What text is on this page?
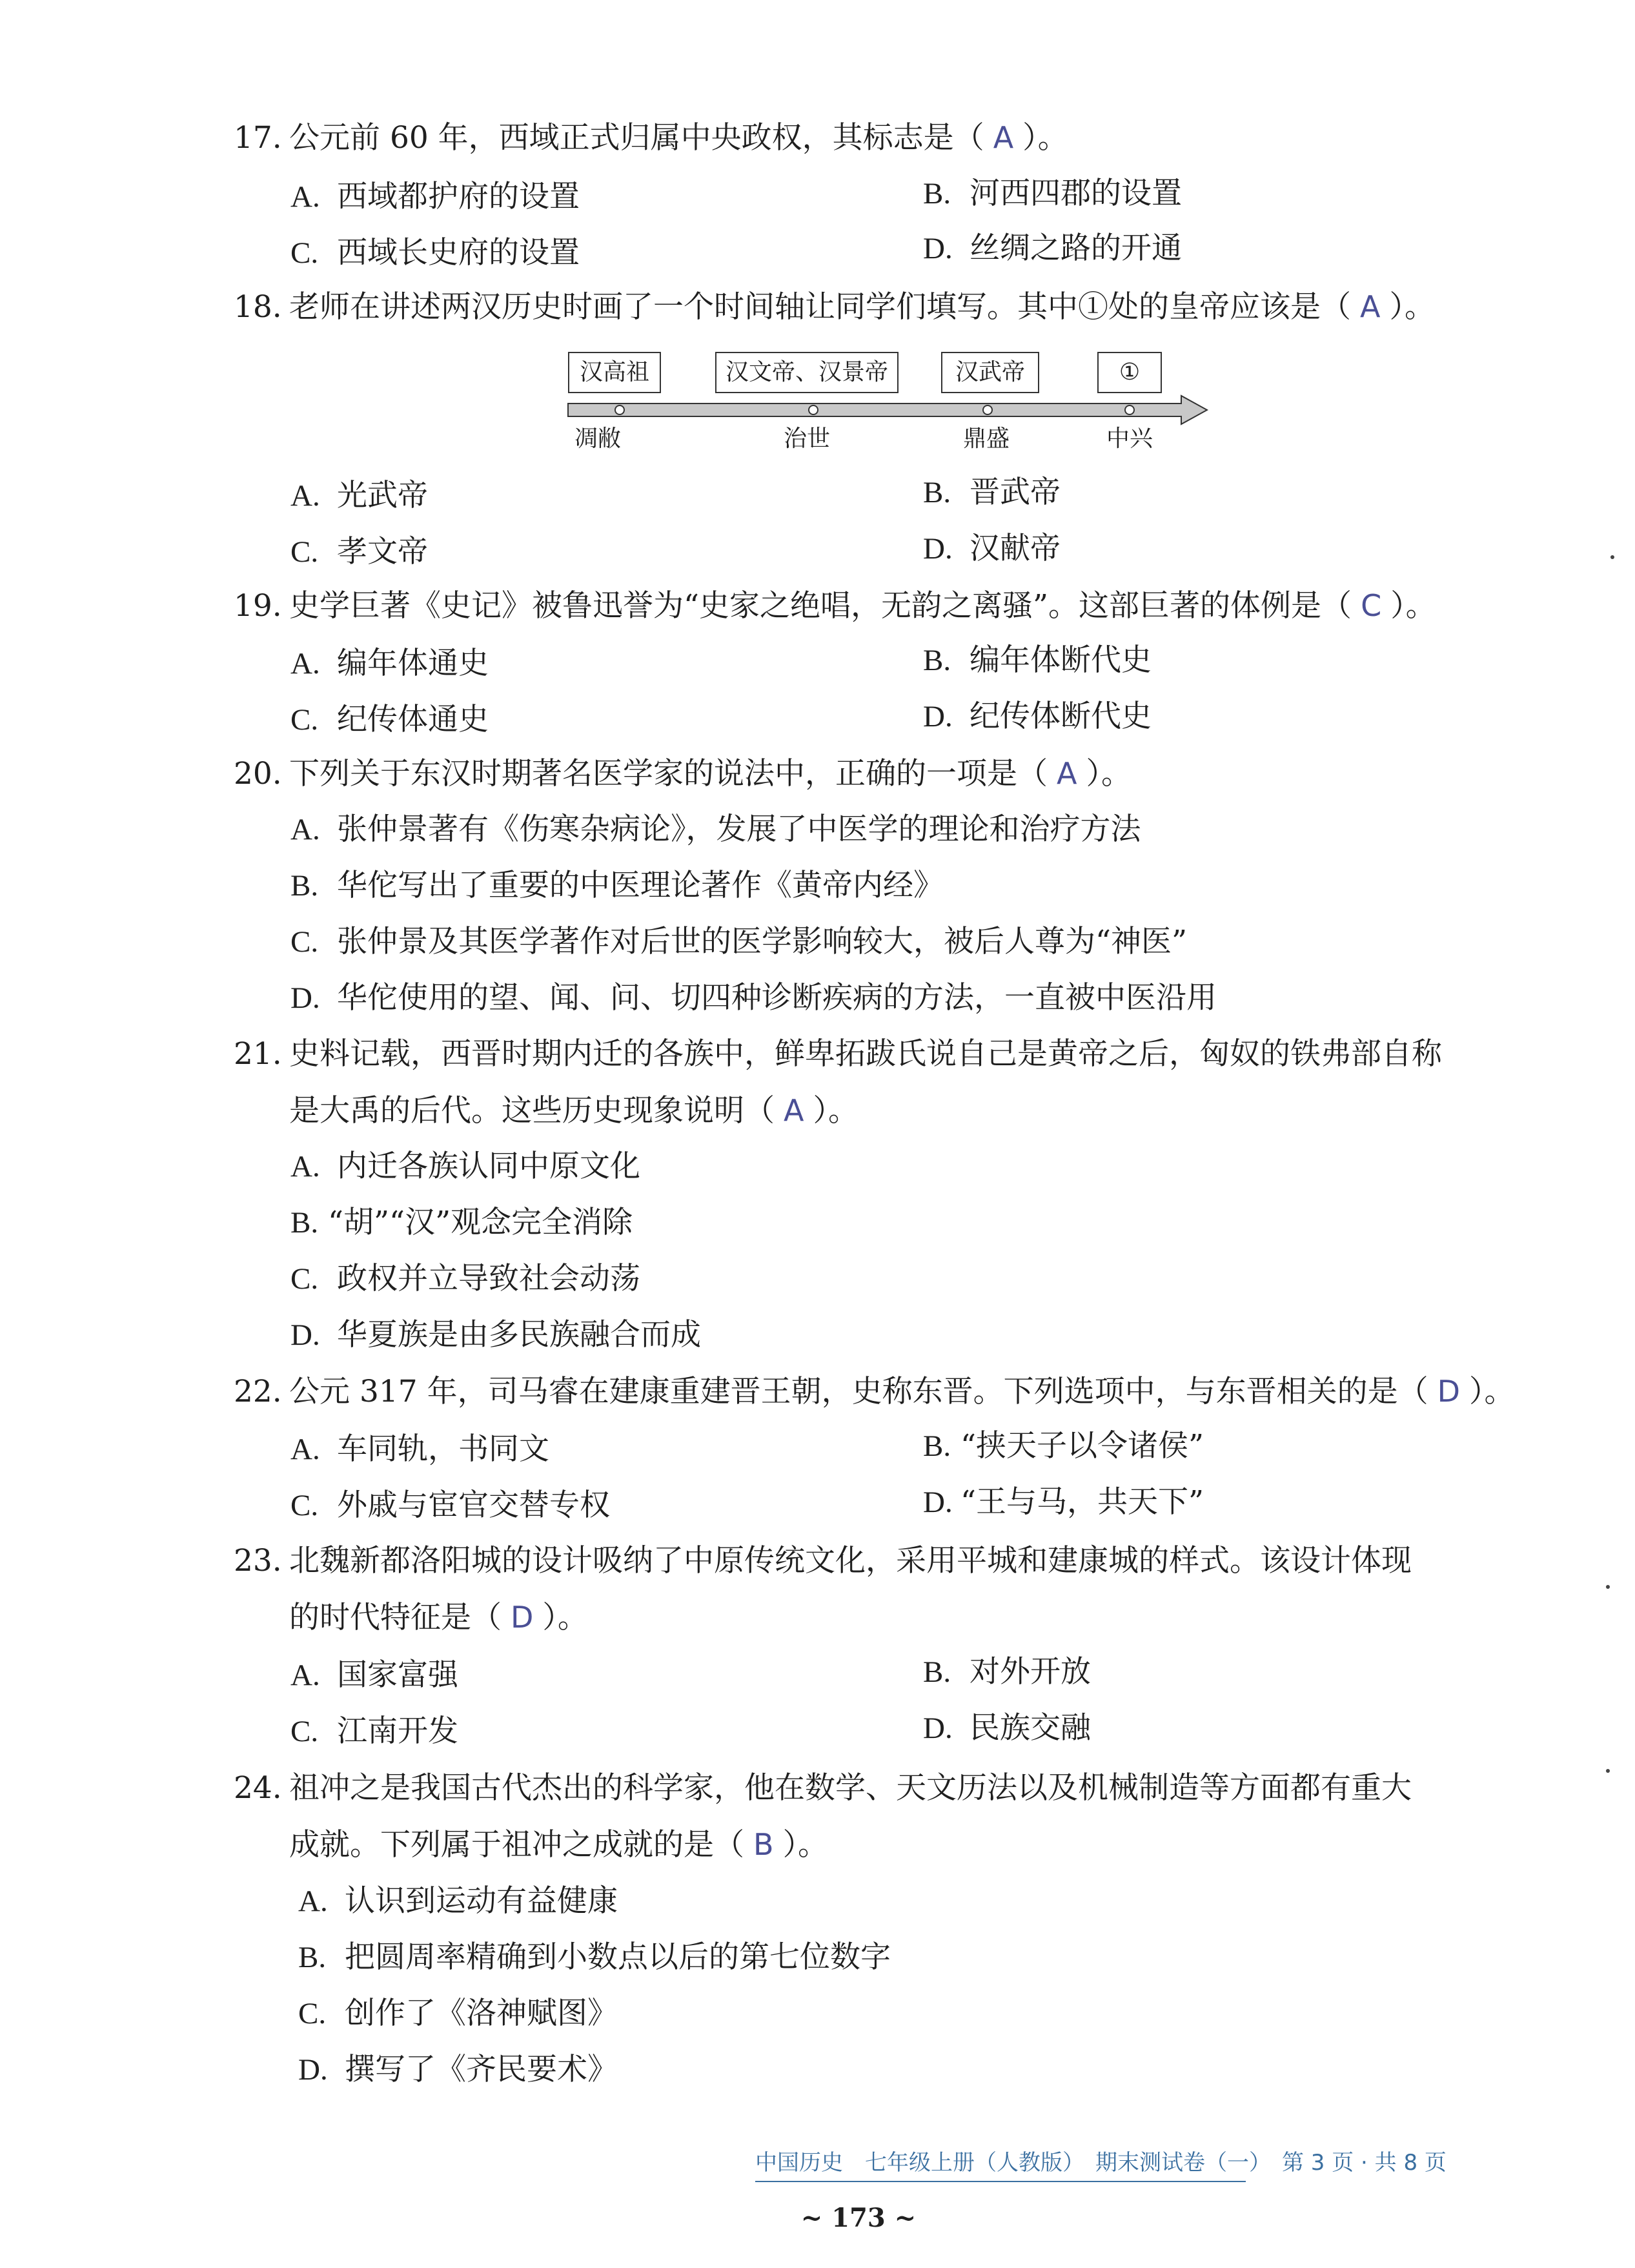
17. 公元前 60 年，西域正式归属中央政权，其标志是（ A ）。
A. 西域都护府的设置	B. 河西四郡的设置
C. 西域长史府的设置	D. 丝绸之路的开通
18. 老师在讲述两汉历史时画了一个时间轴让同学们填写。其中①处的皇帝应该是（ A ）。
汉高祖	汉文帝、汉景帝	汉武帝	①
凋敝	治世	鼎盛	中兴
A. 光武帝	B. 晋武帝
C. 孝文帝	D. 汉献帝
19. 史学巨著《史记》被鲁迅誉为“史家之绝唱，无韵之离骚”。这部巨著的体例是（ C ）。
A. 编年体通史	B. 编年体断代史
C. 纪传体通史	D. 纪传体断代史
20. 下列关于东汉时期著名医学家的说法中，正确的一项是（ A ）。
A. 张仲景著有《伤寒杂病论》，发展了中医学的理论和治疗方法
B. 华佗写出了重要的中医理论著作《黄帝内经》
C. 张仲景及其医学著作对后世的医学影响较大，被后人尊为“神医”
D. 华佗使用的望、闻、问、切四种诊断疾病的方法，一直被中医沿用
21. 史料记载，西晋时期内迁的各族中，鲜卑拓跋氏说自己是黄帝之后，匈奴的铁弗部自称
是大禹的后代。这些历史现象说明（ A ）。
A. 内迁各族认同中原文化
B. “胡”“汉”观念完全消除
C. 政权并立导致社会动荡
D. 华夏族是由多民族融合而成
22. 公元 317 年，司马睿在建康重建晋王朝，史称东晋。下列选项中，与东晋相关的是（ D ）。
A. 车同轨，书同文	B. “挟天子以令诸侯”
C. 外戚与宦官交替专权	D. “王与马，共天下”
23. 北魏新都洛阳城的设计吸纳了中原传统文化，采用平城和建康城的样式。该设计体现
的时代特征是（ D ）。
A. 国家富强	B. 对外开放
C. 江南开发	D. 民族交融
24. 祖冲之是我国古代杰出的科学家，他在数学、天文历法以及机械制造等方面都有重大
成就。下列属于祖冲之成就的是（ B ）。
A. 认识到运动有益健康
B. 把圆周率精确到小数点以后的第七位数字
C. 创作了《洛神赋图》
D. 撰写了《齐民要术》
中国历史　七年级上册（人教版）　期末测试卷（一）　第 3 页 · 共 8 页
~ 173 ~
